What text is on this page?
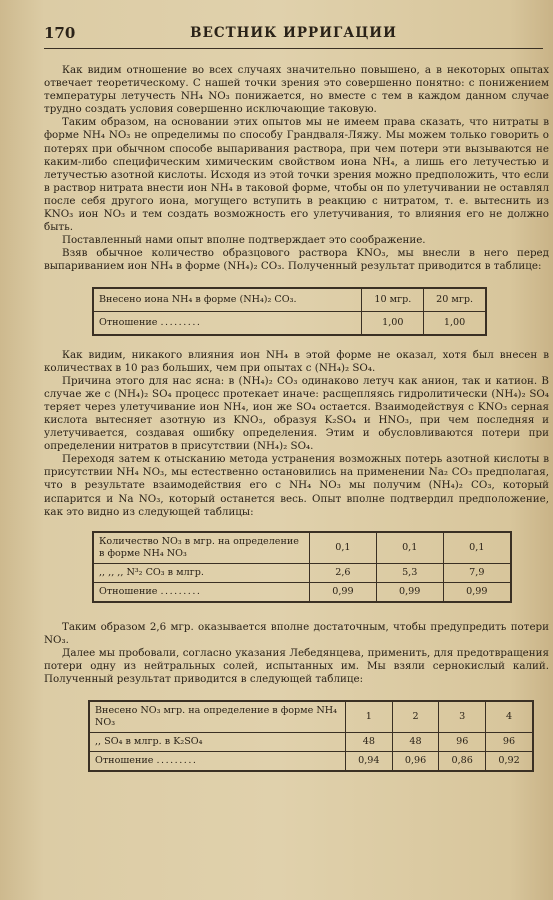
170	ВЕСТНИК ИРРИГАЦИИ

Как видим отношение во всех случаях значительно повышено, а в некоторых опытах отвечает теоретическому. С нашей точки зрения это совершенно понятно: с понижением температуры летучесть NH₄ NO₃ понижается, но вместе с тем в каждом данном случае трудно создать условия совершенно исключающие таковую.

Таким образом, на основании этих опытов мы не имеем права сказать, что нитраты в форме NH₄ NO₃ не определимы по способу Грандваля-Ляжу. Мы можем только говорить о потерях при обычном способе выпаривания раствора, при чем потери эти вызываются не каким-либо специфическим химическим свойством иона NH₄, а лишь его летучестью и летучестью азотной кислоты. Исходя из этой точки зрения можно предположить, что если в раствор нитрата внести ион NH₄ в таковой форме, чтобы он по улетучивании не оставлял после себя другого иона, могущего вступить в реакцию с нитратом, т. е. вытеснить из KNO₃ ион NO₃ и тем создать возможность его улетучивания, то влияния его не должно быть.

Поставленный нами опыт вполне подтверждает это соображение.

Взяв обычное количество образцового раствора KNO₃, мы внесли в него перед выпариванием ион NH₄ в форме (NH₄)₂ CO₃. Полученный результат приводится в таблице:

Внесено иона NH₄ в форме (NH₄)₂ CO₃.	10 мгр.	20 мгр.
Отношение .........	1,00	1,00

Как видим, никакого влияния ион NH₄ в этой форме не оказал, хотя был внесен в количествах в 10 раз больших, чем при опытах с (NH₄)₂ SO₄.

Причина этого для нас ясна: в (NH₄)₂ CO₃ одинаково летуч как анион, так и катион. В случае же с (NH₄)₂ SO₄ процесс протекает иначе: расщепляясь гидролитически (NH₄)₂ SO₄ теряет через улетучивание ион NH₄, ион же SO₄ остается. Взаимодействуя с KNO₃ серная кислота вытесняет азотную из KNO₃, образуя K₂SO₄ и HNO₃, при чем последняя и улетучивается, создавая ошибку определения. Этим и обусловливаются потери при определении нитратов в присутствии (NH₄)₂ SO₄.

Переходя затем к отысканию метода устранения возможных потерь азотной кислоты в присутствии NH₄ NO₃, мы естественно остановились на применении Na₂ CO₃ предполагая, что в результате взаимодействия его с NH₄ NO₃ мы получим (NH₄)₂ CO₃, который испарится и Na NO₃, который останется весь. Опыт вполне подтвердил предположение, как это видно из следующей таблицы:

Количество NO₃ в мгр. на определение в форме NH₄ NO₃	0,1	0,1	0,1
,, ,, ,, N³₂ CO₃ в млгр.	2,6	5,3	7,9
Отношение .........	0,99	0,99	0,99

Таким образом 2,6 мгр. оказывается вполне достаточным, чтобы предупредить потери NO₃.

Далее мы пробовали, согласно указания Лебедянцева, применить, для предотвращения потери одну из нейтральных солей, испытанных им. Мы взяли сернокислый калий. Полученный результат приводится в следующей таблице:

Внесено NO₃ мгр. на определение в форме NH₄ NO₃	1	2	3	4
,, SO₄ в млгр. в K₂SO₄	48	48	96	96
Отношение .........	0,94	0,96	0,86	0,92
